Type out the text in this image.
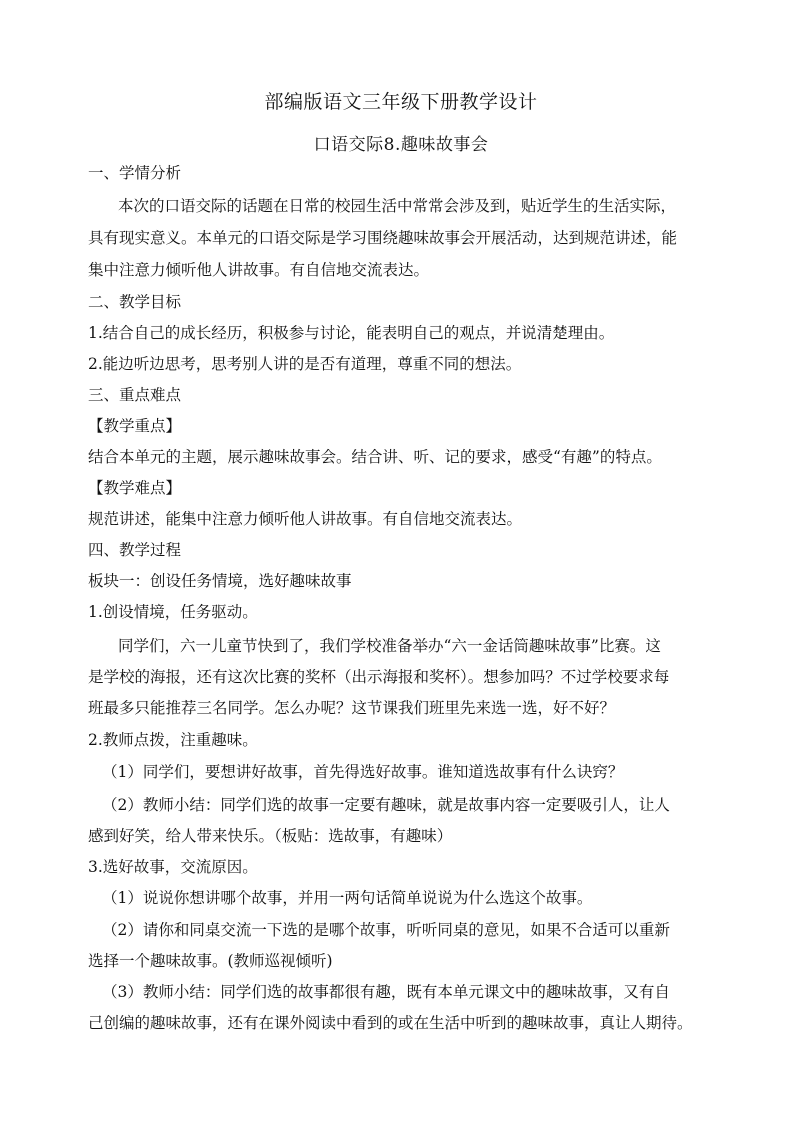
部编版语文三年级下册教学设计
口语交际8.趣味故事会
一、学情分析
本次的口语交际的话题在日常的校园生活中常常会涉及到，贴近学生的生活实际，
具有现实意义。本单元的口语交际是学习围绕趣味故事会开展活动，达到规范讲述，能
集中注意力倾听他人讲故事。有自信地交流表达。
二、教学目标
1.结合自己的成长经历，积极参与讨论，能表明自己的观点，并说清楚理由。
2.能边听边思考，思考别人讲的是否有道理，尊重不同的想法。
三、重点难点
【教学重点】
结合本单元的主题，展示趣味故事会。结合讲、听、记的要求，感受“有趣”的特点。
【教学难点】
规范讲述，能集中注意力倾听他人讲故事。有自信地交流表达。
四、教学过程
板块一：创设任务情境，选好趣味故事
1.创设情境，任务驱动。
同学们，六一儿童节快到了，我们学校准备举办“六一金话筒趣味故事”比赛。这
是学校的海报，还有这次比赛的奖杯（出示海报和奖杯）。想参加吗？不过学校要求每
班最多只能推荐三名同学。怎么办呢？这节课我们班里先来选一选，好不好？
2.教师点拨，注重趣味。
（1）同学们，要想讲好故事，首先得选好故事。谁知道选故事有什么诀窍？
（2）教师小结：同学们选的故事一定要有趣味，就是故事内容一定要吸引人，让人
感到好笑，给人带来快乐。（板贴：选故事，有趣味）
3.选好故事，交流原因。
（1）说说你想讲哪个故事，并用一两句话简单说说为什么选这个故事。
（2）请你和同桌交流一下选的是哪个故事，听听同桌的意见，如果不合适可以重新
选择一个趣味故事。(教师巡视倾听)
（3）教师小结：同学们选的故事都很有趣，既有本单元课文中的趣味故事，又有自
己创编的趣味故事，还有在课外阅读中看到的或在生活中听到的趣味故事，真让人期待。
